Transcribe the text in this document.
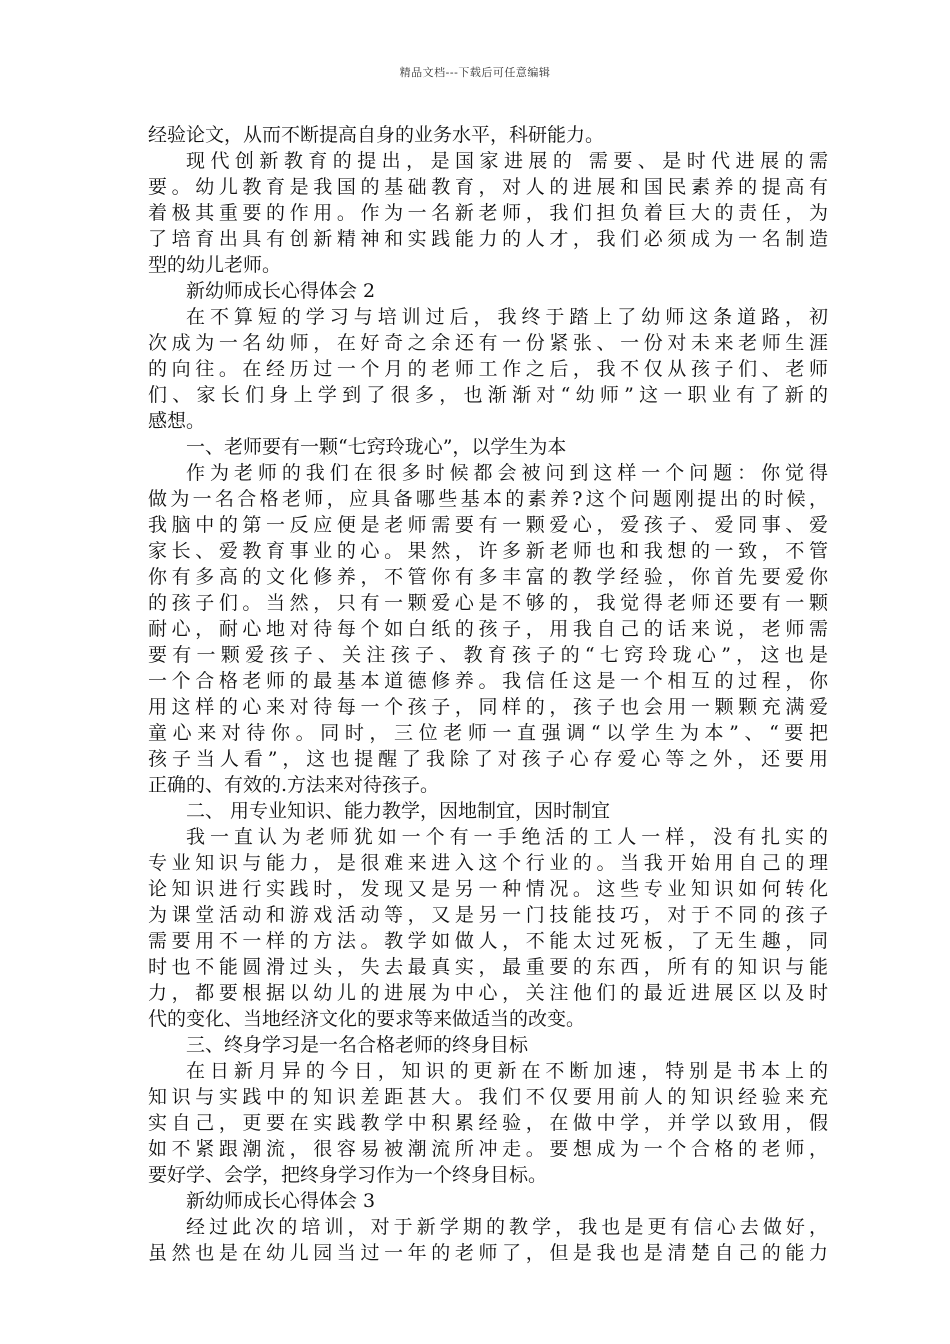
精品文档---下载后可任意编辑
经验论文，从而不断提高自身的业务水平，科研能力。
现代创新教育的提出，是国家进展的 需要、是时代进展的需
要。幼儿教育是我国的基础教育，对人的进展和国民素养的提高有
着极其重要的作用。作为一名新老师，我们担负着巨大的责任，为
了培育出具有创新精神和实践能力的人才，我们必须成为一名制造
型的幼儿老师。
新幼师成长心得体会 2
在不算短的学习与培训过后，我终于踏上了幼师这条道路，初
次成为一名幼师，在好奇之余还有一份紧张、一份对未来老师生涯
的向往。在经历过一个月的老师工作之后，我不仅从孩子们、老师
们、家长们身上学到了很多，也渐渐对“幼师”这一职业有了新的
感想。
一、老师要有一颗“七窍玲珑心”，以学生为本
作为老师的我们在很多时候都会被问到这样一个问题：你觉得
做为一名合格老师，应具备哪些基本的素养?这个问题刚提出的时候，
我脑中的第一反应便是老师需要有一颗爱心，爱孩子、爱同事、爱
家长、爱教育事业的心。果然，许多新老师也和我想的一致，不管
你有多高的文化修养，不管你有多丰富的教学经验，你首先要爱你
的孩子们。当然，只有一颗爱心是不够的，我觉得老师还要有一颗
耐心，耐心地对待每个如白纸的孩子，用我自己的话来说，老师需
要有一颗爱孩子、关注孩子、教育孩子的“七窍玲珑心”，这也是
一个合格老师的最基本道德修养。我信任这是一个相互的过程，你
用这样的心来对待每一个孩子，同样的，孩子也会用一颗颗充满爱
童心来对待你。同时，三位老师一直强调“以学生为本”、“要把
孩子当人看”，这也提醒了我除了对孩子心存爱心等之外，还要用
正确的、有效的.方法来对待孩子。
二、 用专业知识、能力教学，因地制宜，因时制宜
我一直认为老师犹如一个有一手绝活的工人一样，没有扎实的
专业知识与能力，是很难来进入这个行业的。当我开始用自己的理
论知识进行实践时，发现又是另一种情况。这些专业知识如何转化
为课堂活动和游戏活动等，又是另一门技能技巧，对于不同的孩子
需要用不一样的方法。教学如做人，不能太过死板，了无生趣，同
时也不能圆滑过头，失去最真实，最重要的东西，所有的知识与能
力，都要根据以幼儿的进展为中心，关注他们的最近进展区以及时
代的变化、当地经济文化的要求等来做适当的改变。
三、终身学习是一名合格老师的终身目标
在日新月异的今日，知识的更新在不断加速，特别是书本上的
知识与实践中的知识差距甚大。我们不仅要用前人的知识经验来充
实自己，更要在实践教学中积累经验，在做中学，并学以致用，假
如不紧跟潮流，很容易被潮流所冲走。要想成为一个合格的老师，
要好学、会学，把终身学习作为一个终身目标。
新幼师成长心得体会 3
经过此次的培训，对于新学期的教学，我也是更有信心去做好，
虽然也是在幼儿园当过一年的老师了，但是我也是清楚自己的能力
